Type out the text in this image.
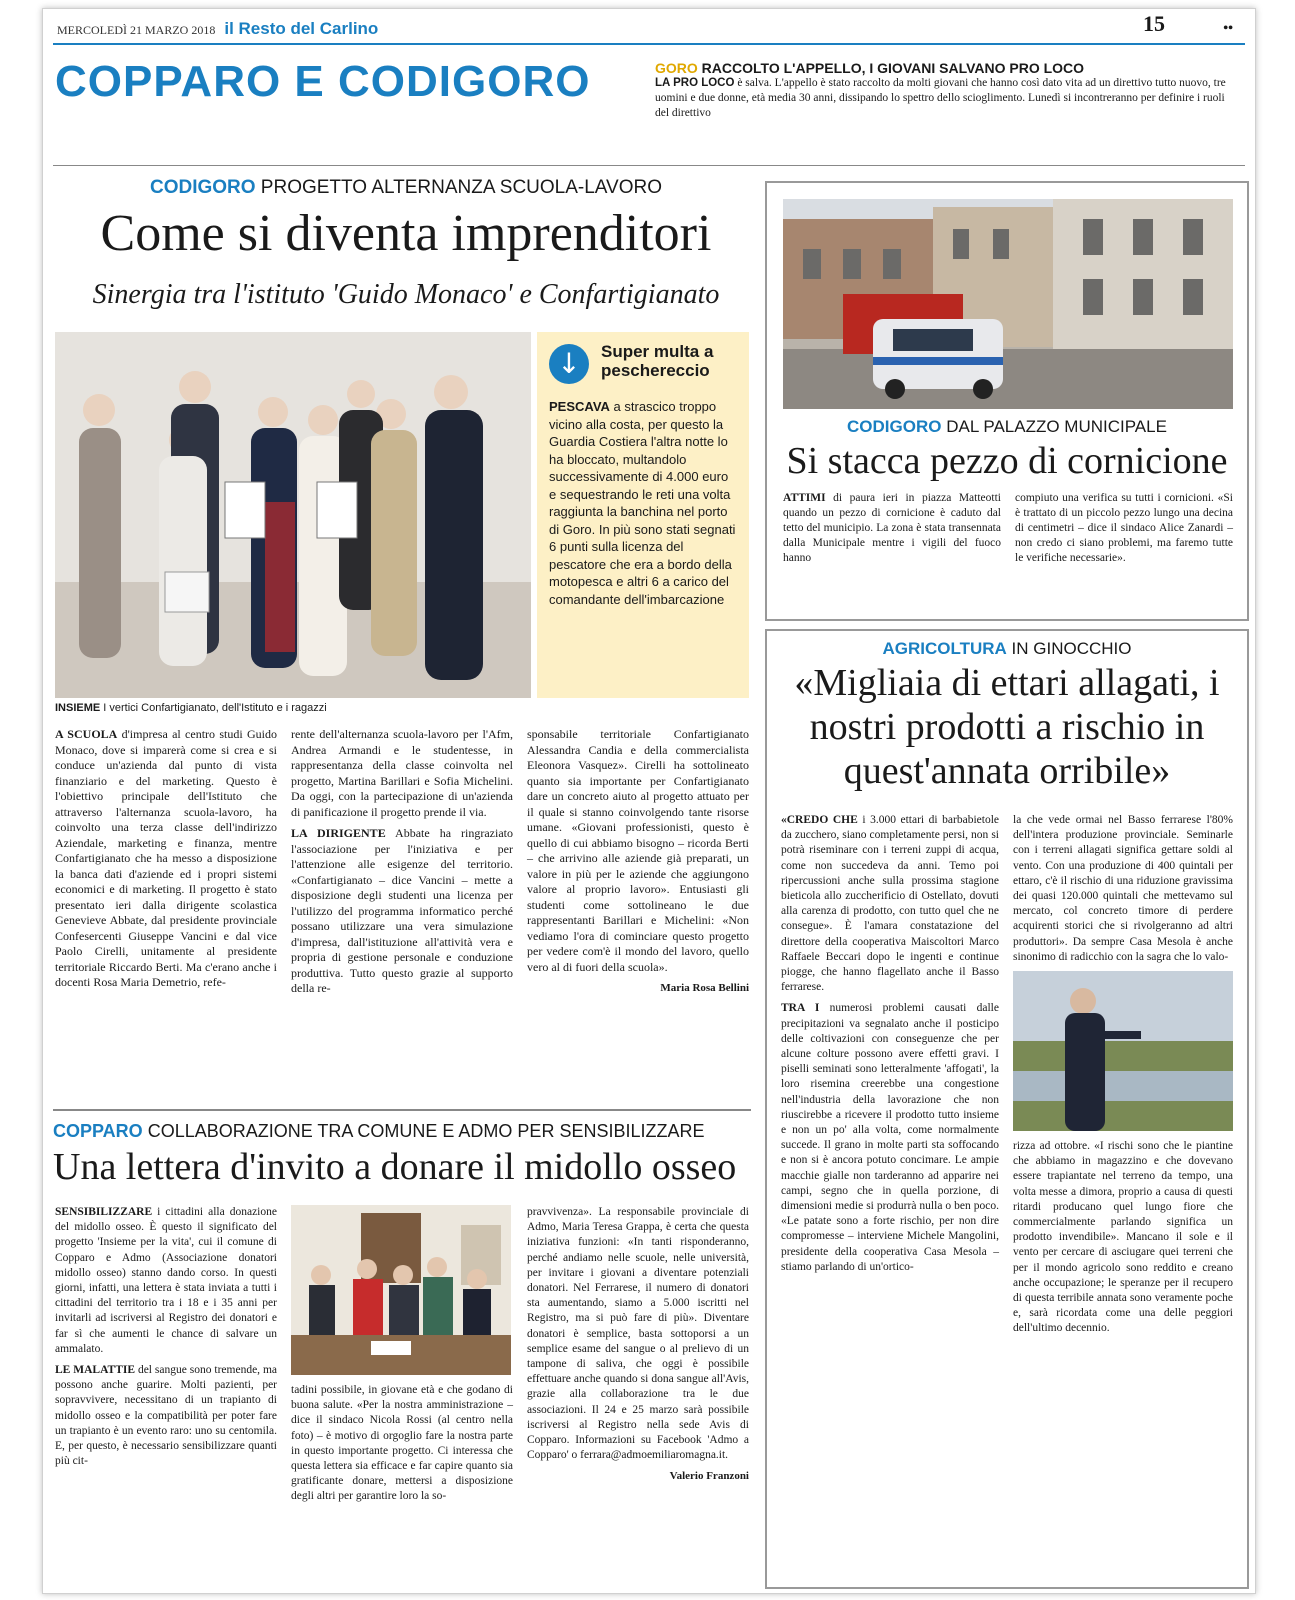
MERCOLEDÌ 21 MARZO 2018 il Resto del Carlino	15	••
COPPARO E CODIGORO	GORO RACCOLTO L'APPELLO, I GIOVANI SALVANO PRO LOCO
LA PRO LOCO è salva. L'appello è stato raccolto da molti giovani che hanno così dato vita ad un direttivo tutto nuovo, tre uomini e due donne, età media 30 anni, dissipando lo spettro dello scioglimento. Lunedì si incontreranno per definire i ruoli del direttivo
CODIGORO PROGETTO ALTERNANZA SCUOLA-LAVORO
Come si diventa imprenditori
Sinergia tra l'istituto 'Guido Monaco' e Confartigianato
INSIEME I vertici Confartigianato, dell'Istituto e i ragazzi
↓	Super multa a peschereccio
PESCAVA a strascico troppo vicino alla costa, per questo la Guardia Costiera l'altra notte lo ha bloccato, multandolo successivamente di 4.000 euro e sequestrando le reti una volta raggiunta la banchina nel porto di Goro. In più sono stati segnati 6 punti sulla licenza del pescatore che era a bordo della motopesca e altri 6 a carico del comandante dell'imbarcazione

A SCUOLA d'impresa al centro studi Guido Monaco, dove si imparerà come si crea e si conduce un'azienda dal punto di vista finanziario e del marketing. Questo è l'obiettivo principale dell'Istituto che attraverso l'alternanza scuola-lavoro, ha coinvolto una terza classe dell'indirizzo Aziendale, marketing e finanza, mentre Confartigianato che ha messo a disposizione la banca dati d'aziende ed i propri sistemi economici e di marketing. Il progetto è stato presentato ieri dalla dirigente scolastica Genevieve Abbate, dal presidente provinciale Confesercenti Giuseppe Vancini e dal vice Paolo Cirelli, unitamente al presidente territoriale Riccardo Berti. Ma c'erano anche i docenti Rosa Maria Demetrio, refe-

rente dell'alternanza scuola-lavoro per l'Afm, Andrea Armandi e le studentesse, in rappresentanza della classe coinvolta nel progetto, Martina Barillari e Sofia Michelini. Da oggi, con la partecipazione di un'azienda di panificazione il progetto prende il via.

LA DIRIGENTE Abbate ha ringraziato l'associazione per l'iniziativa e per l'attenzione alle esigenze del territorio. «Confartigianato – dice Vancini – mette a disposizione degli studenti una licenza per l'utilizzo del programma informatico perché possano utilizzare una vera simulazione d'impresa, dall'istituzione all'attività vera e propria di gestione personale e conduzione produttiva. Tutto questo grazie al supporto della re-

sponsabile territoriale Confartigianato Alessandra Candia e della commercialista Eleonora Vasquez». Cirelli ha sottolineato quanto sia importante per Confartigianato dare un concreto aiuto al progetto attuato per il quale si stanno coinvolgendo tante risorse umane. «Giovani professionisti, questo è quello di cui abbiamo bisogno – ricorda Berti – che arrivino alle aziende già preparati, un valore in più per le aziende che aggiungono valore al proprio lavoro». Entusiasti gli studenti come sottolineano le due rappresentanti Barillari e Michelini: «Non vediamo l'ora di cominciare questo progetto per vedere com'è il mondo del lavoro, quello vero al di fuori della scuola».

Maria Rosa Bellini
CODIGORO DAL PALAZZO MUNICIPALE
Si stacca pezzo di cornicione

ATTIMI di paura ieri in piazza Matteotti quando un pezzo di cornicione è caduto dal tetto del municipio. La zona è stata transennata dalla Municipale mentre i vigili del fuoco hanno

compiuto una verifica su tutti i cornicioni. «Si è trattato di un piccolo pezzo lungo una decina di centimetri – dice il sindaco Alice Zanardi – non credo ci siano problemi, ma faremo tutte le verifiche necessarie».

AGRICOLTURA IN GINOCCHIO
«Migliaia di ettari allagati, i nostri prodotti a rischio in quest'annata orribile»

«CREDO CHE i 3.000 ettari di barbabietole da zucchero, siano completamente persi, non si potrà riseminare con i terreni zuppi di acqua, come non succedeva da anni. Temo poi ripercussioni anche sulla prossima stagione bieticola allo zuccherificio di Ostellato, dovuti alla carenza di prodotto, con tutto quel che ne consegue». È l'amara constatazione del direttore della cooperativa Maiscoltori Marco Raffaele Beccari dopo le ingenti e continue piogge, che hanno flagellato anche il Basso ferrarese.

TRA I numerosi problemi causati dalle precipitazioni va segnalato anche il posticipo delle coltivazioni con conseguenze che per alcune colture possono avere effetti gravi. I piselli seminati sono letteralmente 'affogati', la loro risemina creerebbe una congestione nell'industria della lavorazione che non riuscirebbe a ricevere il prodotto tutto insieme e non un po' alla volta, come normalmente succede. Il grano in molte parti sta soffocando e non si è ancora potuto concimare. Le ampie macchie gialle non tarderanno ad apparire nei campi, segno che in quella porzione, di dimensioni medie si produrrà nulla o ben poco. «Le patate sono a forte rischio, per non dire compromesse – interviene Michele Mangolini, presidente della cooperativa Casa Mesola – stiamo parlando di un'ortico-

la che vede ormai nel Basso ferrarese l'80% dell'intera produzione provinciale. Seminarle con i terreni allagati significa gettare soldi al vento. Con una produzione di 400 quintali per ettaro, c'è il rischio di una riduzione gravissima dei quasi 120.000 quintali che mettevamo sul mercato, col concreto timore di perdere acquirenti storici che si rivolgeranno ad altri produttori». Da sempre Casa Mesola è anche sinonimo di radicchio con la sagra che lo valo-

rizza ad ottobre. «I rischi sono che le piantine che abbiamo in magazzino e che dovevano essere trapiantate nel terreno da tempo, una volta messe a dimora, proprio a causa di questi ritardi producano quel lungo fiore che commercialmente parlando significa un prodotto invendibile». Mancano il sole e il vento per cercare di asciugare quei terreni che per il mondo agricolo sono reddito e creano anche occupazione; le speranze per il recupero di questa terribile annata sono veramente poche e, sarà ricordata come una delle peggiori dell'ultimo decennio.

COPPARO COLLABORAZIONE TRA COMUNE E ADMO PER SENSIBILIZZARE
Una lettera d'invito a donare il midollo osseo

SENSIBILIZZARE i cittadini alla donazione del midollo osseo. È questo il significato del progetto 'Insieme per la vita', cui il comune di Copparo e Admo (Associazione donatori midollo osseo) stanno dando corso. In questi giorni, infatti, una lettera è stata inviata a tutti i cittadini del territorio tra i 18 e i 35 anni per invitarli ad iscriversi al Registro dei donatori e far sì che aumenti le chance di salvare un ammalato.

LE MALATTIE del sangue sono tremende, ma possono anche guarire. Molti pazienti, per sopravvivere, necessitano di un trapianto di midollo osseo e la compatibilità per poter fare un trapianto è un evento raro: uno su centomila. E, per questo, è necessario sensibilizzare quanti più cit-

tadini possibile, in giovane età e che godano di buona salute. «Per la nostra amministrazione – dice il sindaco Nicola Rossi (al centro nella foto) – è motivo di orgoglio fare la nostra parte in questo importante progetto. Ci interessa che questa lettera sia efficace e far capire quanto sia gratificante donare, mettersi a disposizione degli altri per garantire loro la so-

pravvivenza». La responsabile provinciale di Admo, Maria Teresa Grappa, è certa che questa iniziativa funzioni: «In tanti risponderanno, perché andiamo nelle scuole, nelle università, per invitare i giovani a diventare potenziali donatori. Nel Ferrarese, il numero di donatori sta aumentando, siamo a 5.000 iscritti nel Registro, ma si può fare di più». Diventare donatori è semplice, basta sottoporsi a un semplice esame del sangue o al prelievo di un tampone di saliva, che oggi è possibile effettuare anche quando si dona sangue all'Avis, grazie alla collaborazione tra le due associazioni. Il 24 e 25 marzo sarà possibile iscriversi al Registro nella sede Avis di Copparo. Informazioni su Facebook 'Admo a Copparo' o ferrara@admoemiliaromagna.it.

Valerio Franzoni
